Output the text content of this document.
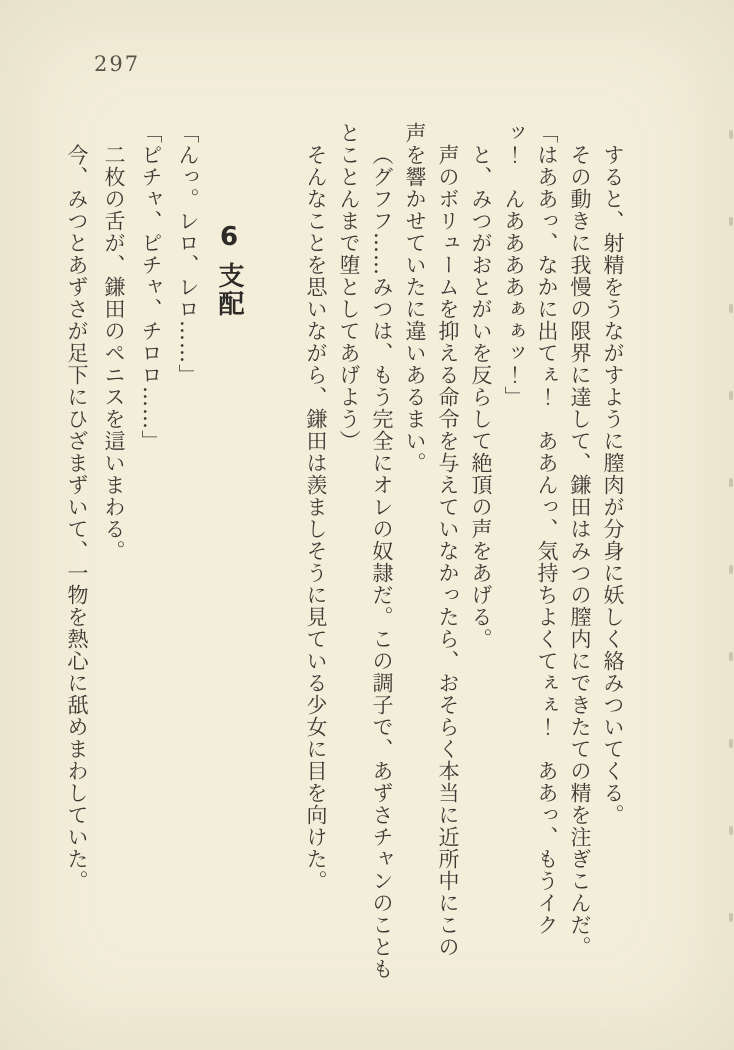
297

すると、射精をうながすように膣肉が分身に妖しく絡みついてくる。

その動きに我慢の限界に達して、鎌田はみつの膣内にできたての精を注ぎこんだ。

「はああっ、なかに出てぇ！　ああんっ、気持ちよくてぇぇ！　ああっ、もうイク

ッ！　んああああぁぁッ！」

と、みつがおとがいを反らして絶頂の声をあげる。

声のボリュームを抑える命令を与えていなかったら、おそらく本当に近所中にこの

声を響かせていたに違いあるまい。

（グフフ……みつは、もう完全にオレの奴隷だ。この調子で、あずさチャンのことも

とことんまで堕としてあげよう）

そんなことを思いながら、鎌田は羨ましそうに見ている少女に目を向けた。

6支配

「んっ。レロ、レロ……」

「ピチャ、ピチャ、チロロ……」

二枚の舌が、鎌田のペニスを這いまわる。

今、みつとあずさが足下にひざまずいて、一物を熱心に舐めまわしていた。
